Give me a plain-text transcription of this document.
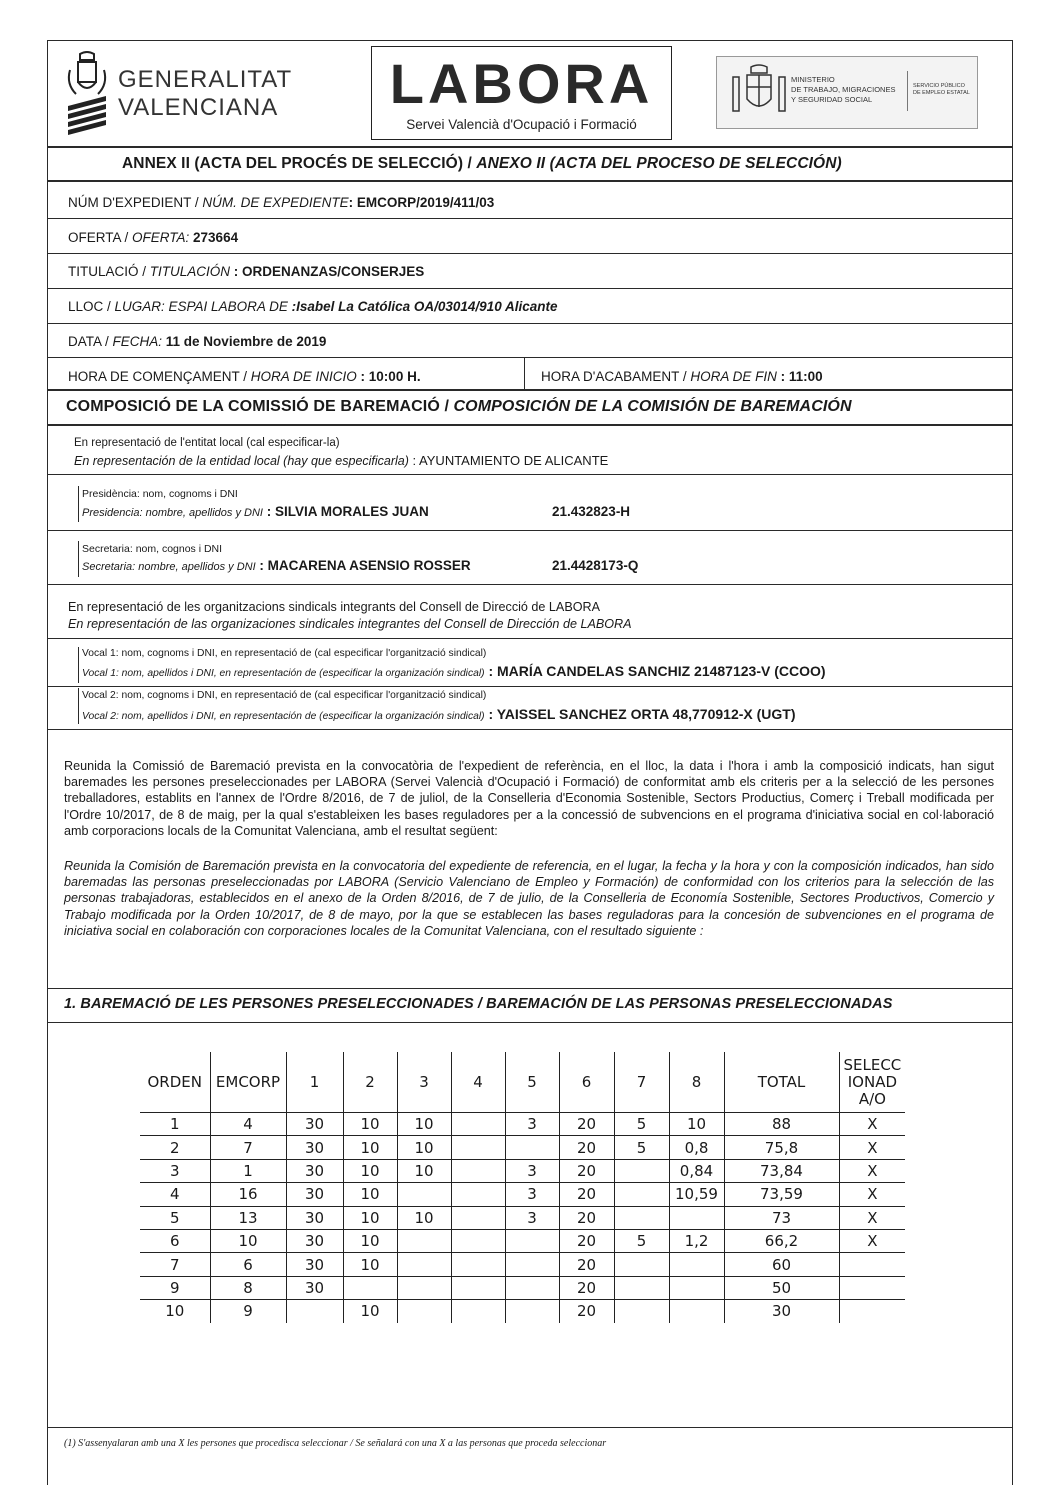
GENERALITAT
VALENCIANA	LABORA
Servei Valencià d'Ocupació i Formació
MINISTERIO
DE TRABAJO, MIGRACIONES
Y SEGURIDAD SOCIAL
SERVICIO PÚBLICO
DE EMPLEO ESTATAL
ANNEX II (ACTA DEL PROCÉS DE SELECCIÓ) / ANEXO II (ACTA DEL PROCESO DE SELECCIÓN)
NÚM D'EXPEDIENT / NÚM. DE EXPEDIENTE: EMCORP/2019/411/03
OFERTA / OFERTA: 273664
TITULACIÓ / TITULACIÓN : ORDENANZAS/CONSERJES
LLOC / LUGAR: ESPAI LABORA DE :Isabel La Católica OA/03014/910 Alicante
DATA / FECHA: 11 de Noviembre de 2019
HORA DE COMENÇAMENT / HORA DE INICIO : 10:00 H.	HORA D'ACABAMENT / HORA DE FIN : 11:00
COMPOSICIÓ DE LA COMISSIÓ DE BAREMACIÓ / COMPOSICIÓN DE LA COMISIÓN DE BAREMACIÓN
En representació de l'entitat local (cal especificar-la)
En representación de la entidad local (hay que especificarla) : AYUNTAMIENTO DE ALICANTE
Presidència: nom, cognoms i DNI
Presidencia: nombre, apellidos y DNI : SILVIA MORALES JUAN	21.432823-H
Secretaria: nom, cognos i DNI
Secretaria: nombre, apellidos y DNI : MACARENA ASENSIO ROSSER	21.4428173-Q
En representació de les organitzacions sindicals integrants del Consell de Direcció de LABORA
En representación de las organizaciones sindicales integrantes del Consell de Dirección de LABORA
Vocal 1: nom, cognoms i DNI, en representació de (cal especificar l'organització sindical)
Vocal 1: nom, apellidos i DNI, en representación de (especificar la organización sindical) : MARÍA CANDELAS SANCHIZ 21487123-V (CCOO)
Vocal 2: nom, cognoms i DNI, en representació de (cal especificar l'organització sindical)
Vocal 2: nom, apellidos i DNI, en representación de (especificar la organización sindical) : YAISSEL SANCHEZ ORTA 48,770912-X (UGT)
Reunida la Comissió de Baremació prevista en la convocatòria de l'expedient de referència, en el lloc, la data i l'hora i amb la composició indicats, han sigut baremades les persones preseleccionades per LABORA (Servei Valencià d'Ocupació i Formació) de conformitat amb els criteris per a la selecció de les persones treballadores, establits en l'annex de l'Ordre 8/2016, de 7 de juliol, de la Conselleria d'Economia Sostenible, Sectors Productius, Comerç i Treball modificada per l'Ordre 10/2017, de 8 de maig, per la qual s'estableixen les bases reguladores per a la concessió de subvencions en el programa d'iniciativa social en col·laboració amb corporacions locals de la Comunitat Valenciana, amb el resultat següent:
Reunida la Comisión de Baremación prevista en la convocatoria del expediente de referencia, en el lugar, la fecha y la hora y con la composición indicados, han sido baremadas las personas preseleccionadas por LABORA (Servicio Valenciano de Empleo y Formación) de conformidad con los criterios para la selección de las personas trabajadoras, establecidos en el anexo de la Orden 8/2016, de 7 de julio, de la Conselleria de Economía Sostenible, Sectores Productivos, Comercio y Trabajo modificada por la Orden 10/2017, de 8 de mayo, por la que se establecen las bases reguladoras para la concesión de subvenciones en el programa de iniciativa social en colaboración con corporaciones locales de la Comunitat Valenciana, con el resultado siguiente :
1. BAREMACIÓ DE LES PERSONES PRESELECCIONADES / BAREMACIÓN DE LAS PERSONAS PRESELECCIONADAS
ORDEN	EMCORP	1	2	3	4	5	6	7	8	TOTAL	SELECC IONAD A/O
1	4	30	10	10		3	20	5	10	88	X
2	7	30	10	10			20	5	0,8	75,8	X
3	1	30	10	10		3	20		0,84	73,84	X
4	16	30	10			3	20		10,59	73,59	X
5	13	30	10	10		3	20			73	X
6	10	30	10				20	5	1,2	66,2	X
7	6	30	10				20			60	
9	8	30					20			50	
10	9		10				20			30	
(1) S'assenyalaran amb una X les persones que procedisca seleccionar / Se señalará con una X a las personas que proceda seleccionar
